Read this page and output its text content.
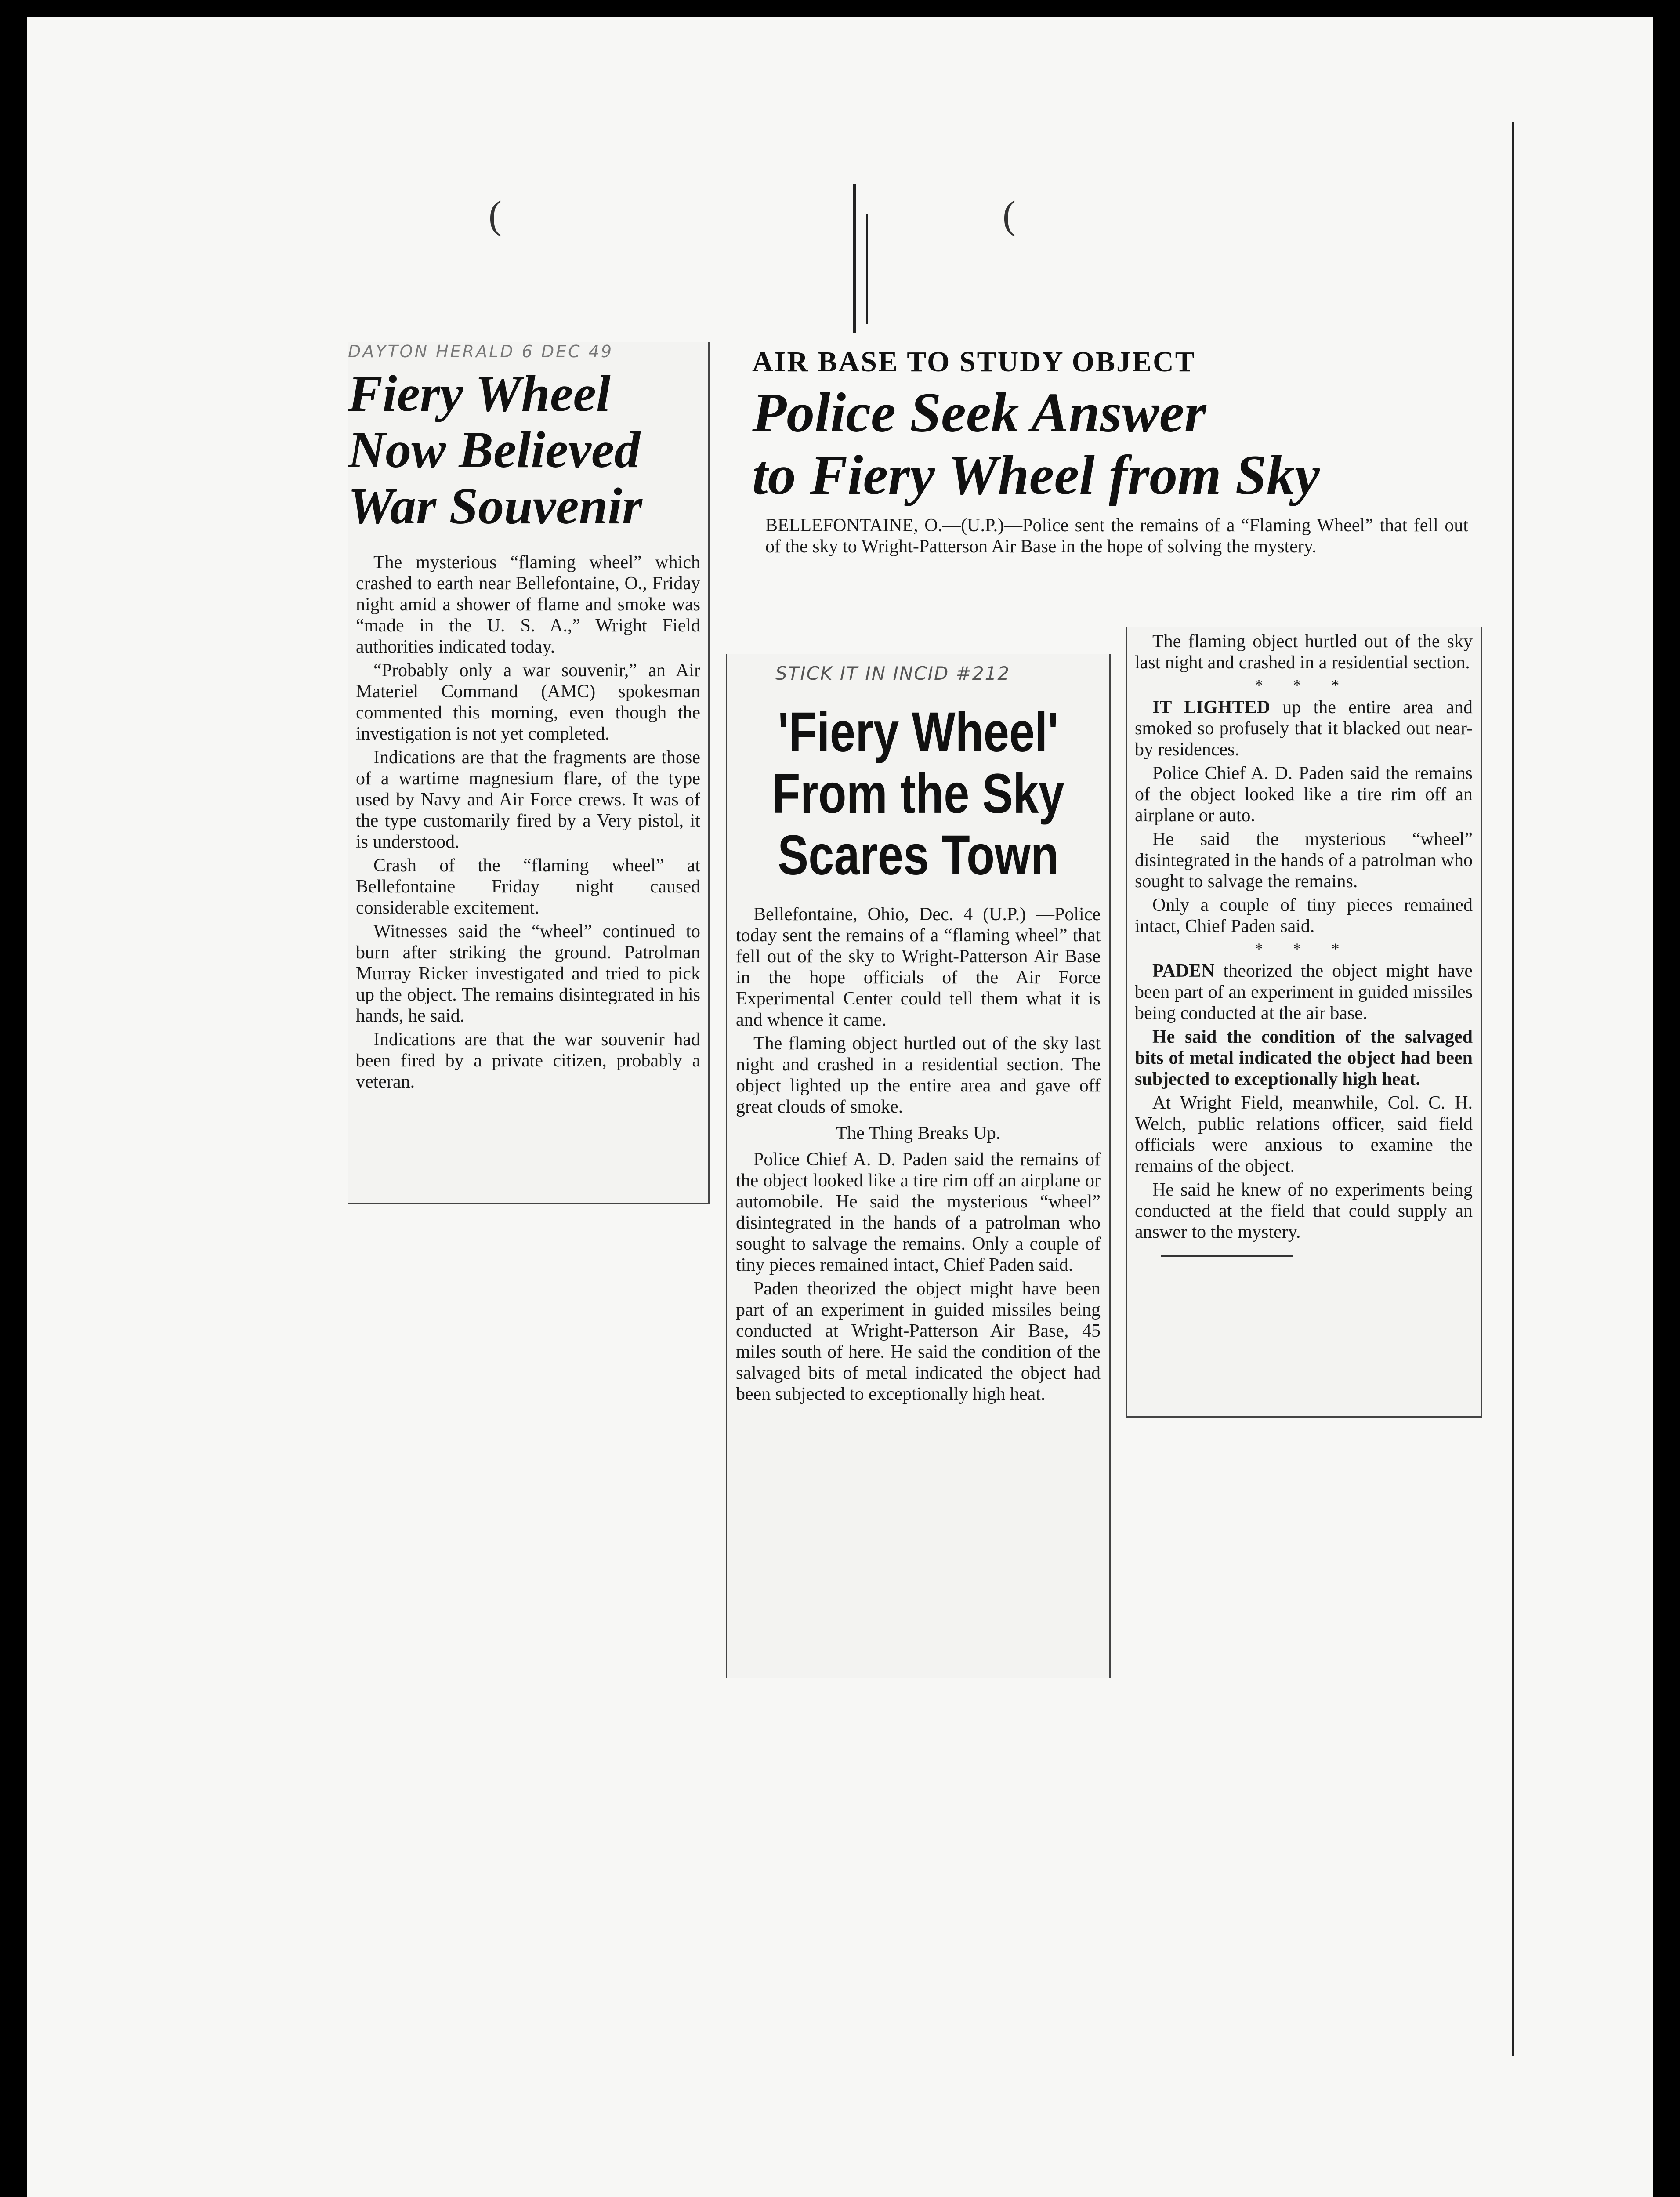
(	(
DAYTON HERALD 6 DEC 49
Fiery Wheel
Now Believed
War Souvenir

The mysterious “flaming wheel” which crashed to earth near Bellefontaine, O., Friday night amid a shower of flame and smoke was “made in the U. S. A.,” Wright Field authorities indicated today.

“Probably only a war souvenir,” an Air Materiel Command (AMC) spokesman commented this morning, even though the investigation is not yet completed.

Indications are that the fragments are those of a wartime magnesium flare, of the type used by Navy and Air Force crews. It was of the type customarily fired by a Very pistol, it is understood.

Crash of the “flaming wheel” at Bellefontaine Friday night caused considerable excitement.

Witnesses said the “wheel” continued to burn after striking the ground. Patrolman Murray Ricker investigated and tried to pick up the object. The remains disintegrated in his hands, he said.

Indications are that the war souvenir had been fired by a private citizen, probably a veteran.

AIR BASE TO STUDY OBJECT
Police Seek Answer
to Fiery Wheel from Sky

BELLEFONTAINE, O.—(U.P.)—Police sent the remains of a “Flaming Wheel” that fell out of the sky to Wright-Patterson Air Base in the hope of solving the mystery.

STICK IT IN INCID #212
'Fiery Wheel'
From the Sky
Scares Town

Bellefontaine, Ohio, Dec. 4 (U.P.) —Police today sent the remains of a “flaming wheel” that fell out of the sky to Wright-Patterson Air Base in the hope officials of the Air Force Experimental Center could tell them what it is and whence it came.

The flaming object hurtled out of the sky last night and crashed in a residential section. The object lighted up the entire area and gave off great clouds of smoke.

The Thing Breaks Up.

Police Chief A. D. Paden said the remains of the object looked like a tire rim off an airplane or automobile. He said the mysterious “wheel” disintegrated in the hands of a patrolman who sought to salvage the remains. Only a couple of tiny pieces remained intact, Chief Paden said.

Paden theorized the object might have been part of an experiment in guided missiles being conducted at Wright-Patterson Air Base, 45 miles south of here. He said the condition of the salvaged bits of metal indicated the object had been subjected to exceptionally high heat.

The flaming object hurtled out of the sky last night and crashed in a residential section.

* * *

IT LIGHTED up the entire area and smoked so profusely that it blacked out near-by residences.

Police Chief A. D. Paden said the remains of the object looked like a tire rim off an airplane or auto.

He said the mysterious “wheel” disintegrated in the hands of a patrolman who sought to salvage the remains.

Only a couple of tiny pieces remained intact, Chief Paden said.

* * *

PADEN theorized the object might have been part of an experiment in guided missiles being conducted at the air base.

He said the condition of the salvaged bits of metal indicated the object had been subjected to exceptionally high heat.

At Wright Field, meanwhile, Col. C. H. Welch, public relations officer, said field officials were anxious to examine the remains of the object.

He said he knew of no experiments being conducted at the field that could supply an answer to the mystery.
